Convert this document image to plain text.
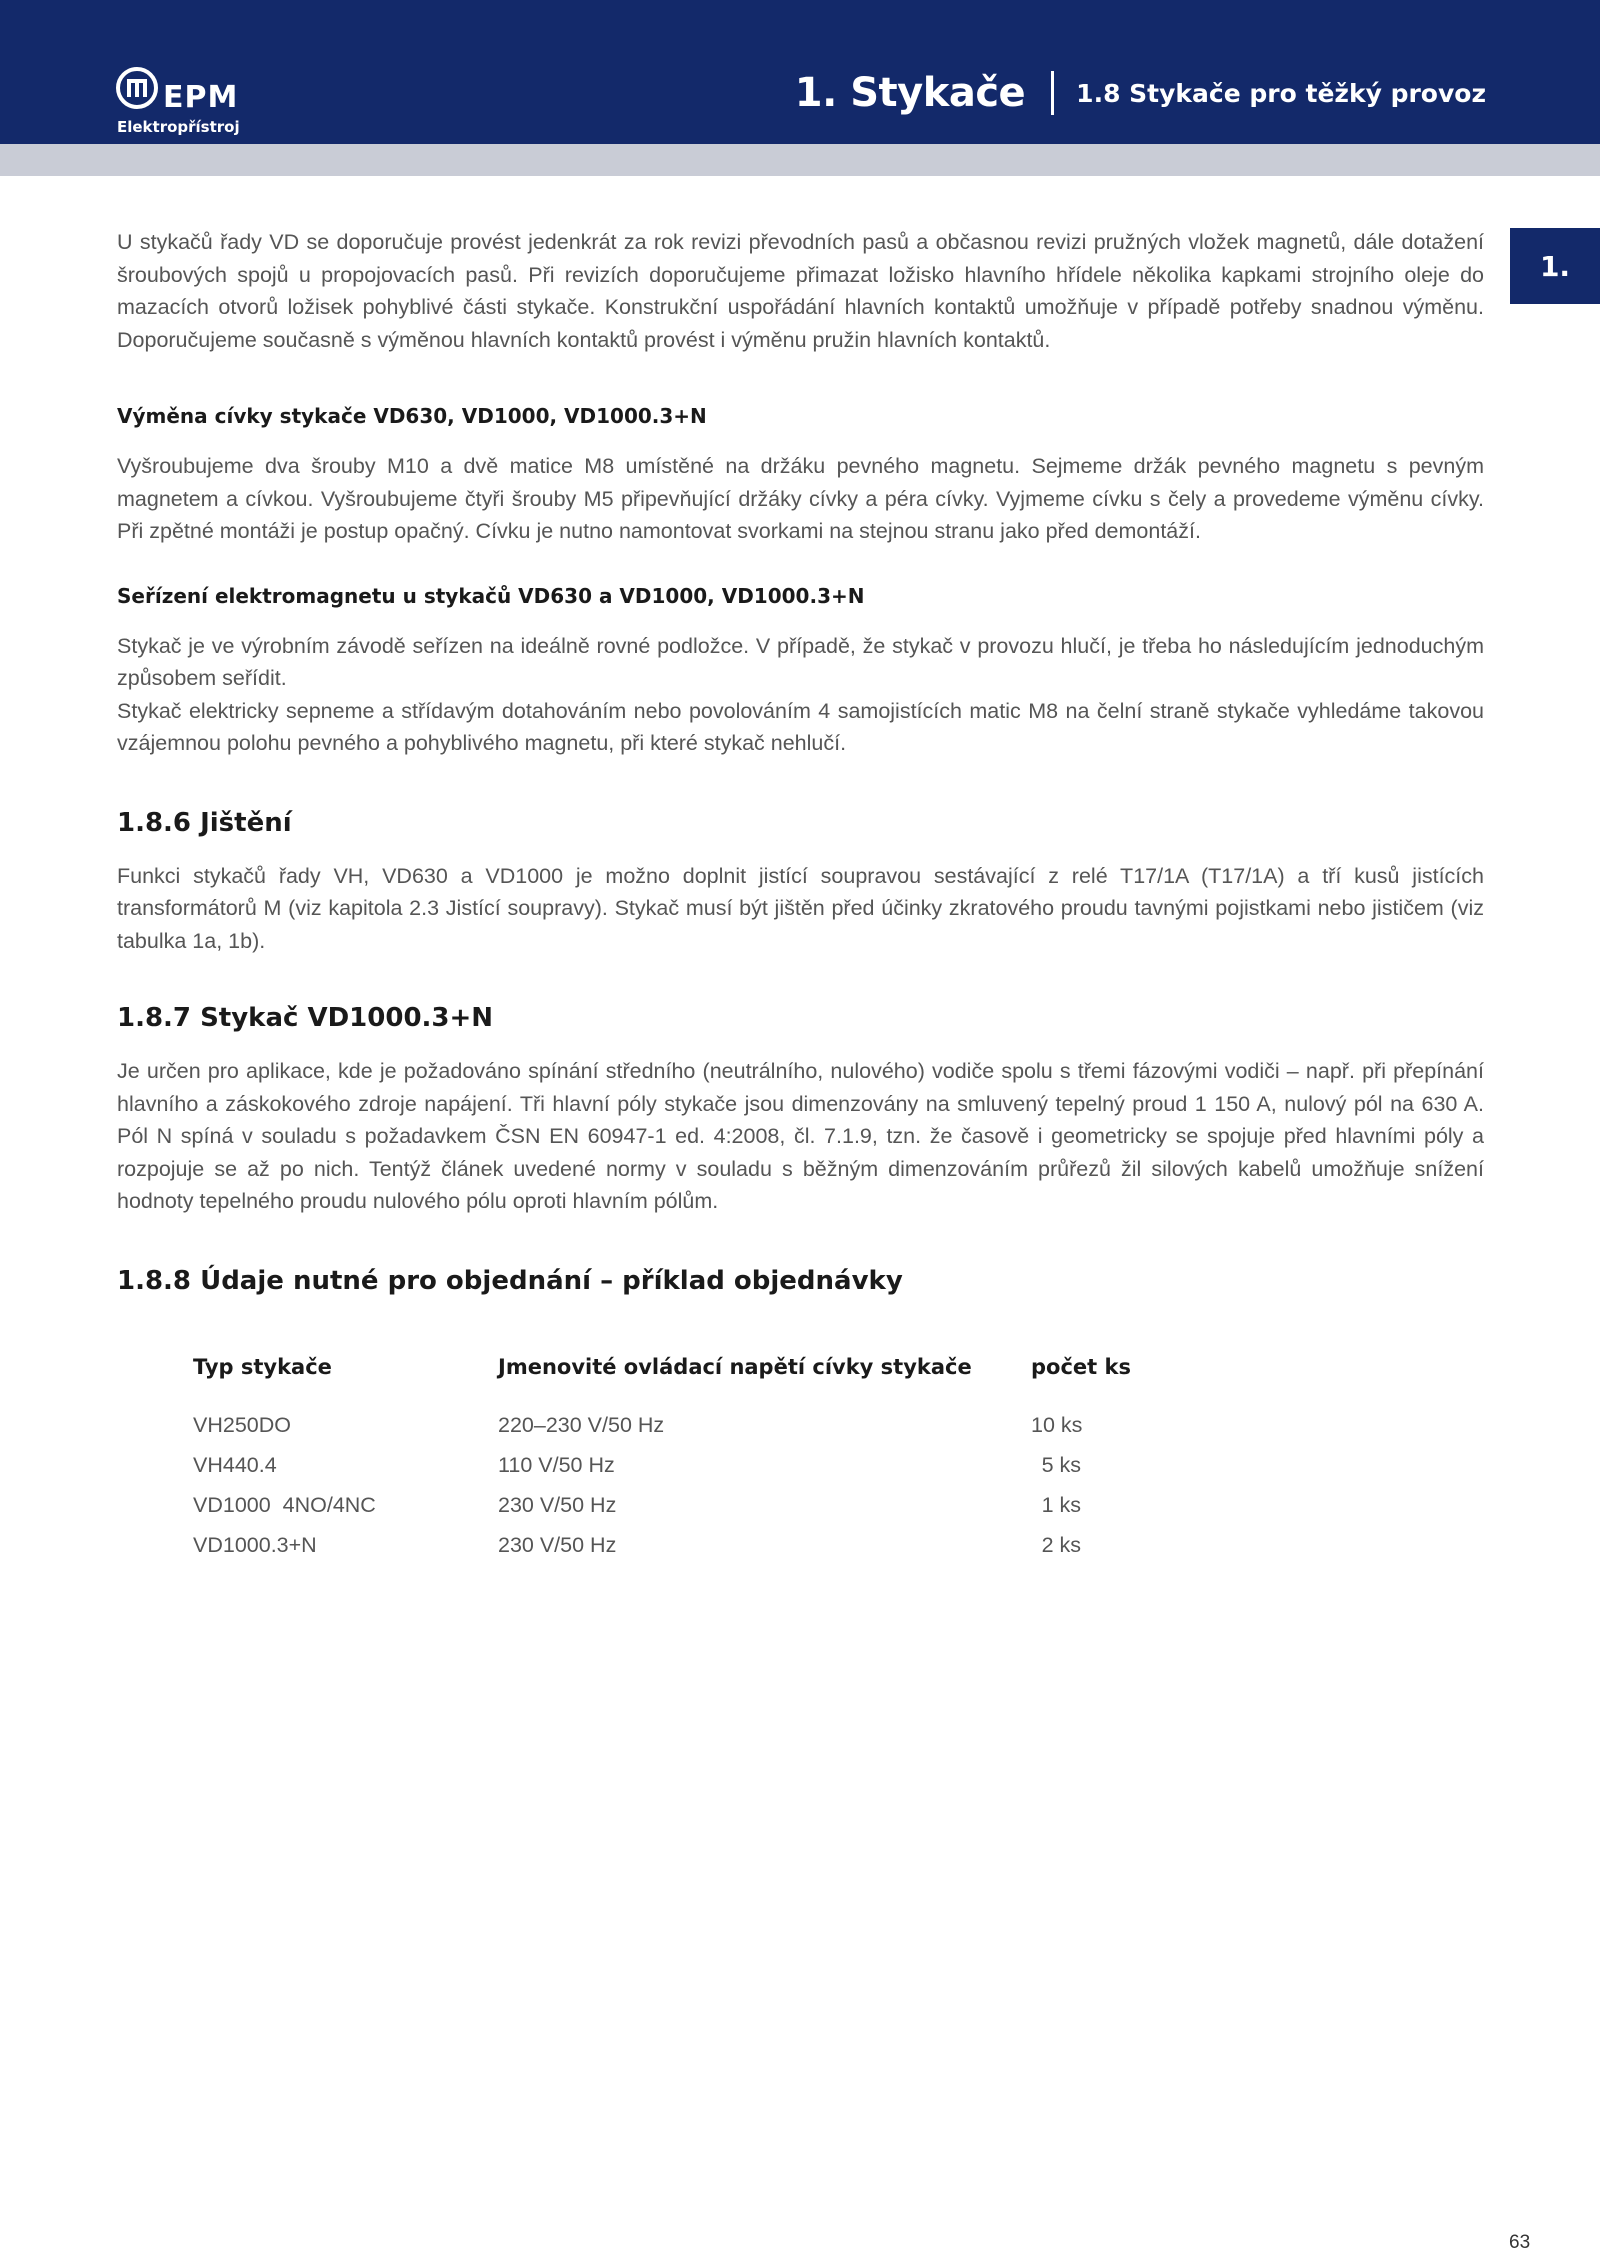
EPM
Elektropřístroj
1. Stykače 1.8 Stykače pro těžký provoz
1.

U stykačů řady VD se doporučuje provést jedenkrát za rok revizi převodních pasů a občasnou revizi pružných vložek magnetů, dále dotažení šroubových spojů u propojovacích pasů. Při revizích doporučujeme přimazat ložisko hlavního hřídele několika kapkami strojního oleje do mazacích otvorů ložisek pohyblivé části stykače. Konstrukční uspořádání hlavních kontaktů umožňuje v případě potřeby snadnou výměnu. Doporučujeme současně s výměnou hlavních kontaktů provést i výměnu pružin hlavních kontaktů.

Výměna cívky stykače VD630, VD1000, VD1000.3+N

Vyšroubujeme dva šrouby M10 a dvě matice M8 umístěné na držáku pevného magnetu. Sejmeme držák pevného magnetu s pevným magnetem a cívkou. Vyšroubujeme čtyři šrouby M5 připevňující držáky cívky a péra cívky. Vyjmeme cívku s čely a provedeme výměnu cívky. Při zpětné montáži je postup opačný. Cívku je nutno namontovat svorkami na stejnou stranu jako před demontáží.

Seřízení elektromagnetu u stykačů VD630 a VD1000, VD1000.3+N

Stykač je ve výrobním závodě seřízen na ideálně rovné podložce. V případě, že stykač v provozu hlučí, je třeba ho následujícím jednoduchým způsobem seřídit.

Stykač elektricky sepneme a střídavým dotahováním nebo povolováním 4 samojistících matic M8 na čelní straně stykače vyhledáme takovou vzájemnou polohu pevného a pohyblivého magnetu, při které stykač nehlučí.

1.8.6 Jištění

Funkci stykačů řady VH, VD630 a VD1000 je možno doplnit jistící soupravou sestávající z relé T17/1A (T17/1A) a tří kusů jistících transformátorů M (viz kapitola 2.3 Jistící soupravy). Stykač musí být jištěn před účinky zkratového proudu tavnými pojistkami nebo jističem (viz tabulka 1a, 1b).

1.8.7 Stykač VD1000.3+N

Je určen pro aplikace, kde je požadováno spínání středního (neutrálního, nulového) vodiče spolu s třemi fázovými vodiči – např. při přepínání hlavního a záskokového zdroje napájení. Tři hlavní póly stykače jsou dimenzovány na smluvený tepelný proud 1 150 A, nulový pól na 630 A. Pól N spíná v souladu s požadavkem ČSN EN 60947-1 ed. 4:2008, čl. 7.1.9, tzn. že časově i geometricky se spojuje před hlavními póly a rozpojuje se až po nich. Tentýž článek uvedené normy v souladu s běžným dimenzováním průřezů žil silových kabelů umožňuje snížení hodnoty tepelného proudu nulového pólu oproti hlavním pólům.

1.8.8 Údaje nutné pro objednání – příklad objednávky
Typ stykače	Jmenovité ovládací napětí cívky stykače	počet ks
VH250DO	220–230 V/50 Hz	10 ks
VH440.4	110 V/50 Hz	5 ks
VD1000  4NO/4NC	230 V/50 Hz	1 ks
VD1000.3+N	230 V/50 Hz	2 ks
63
